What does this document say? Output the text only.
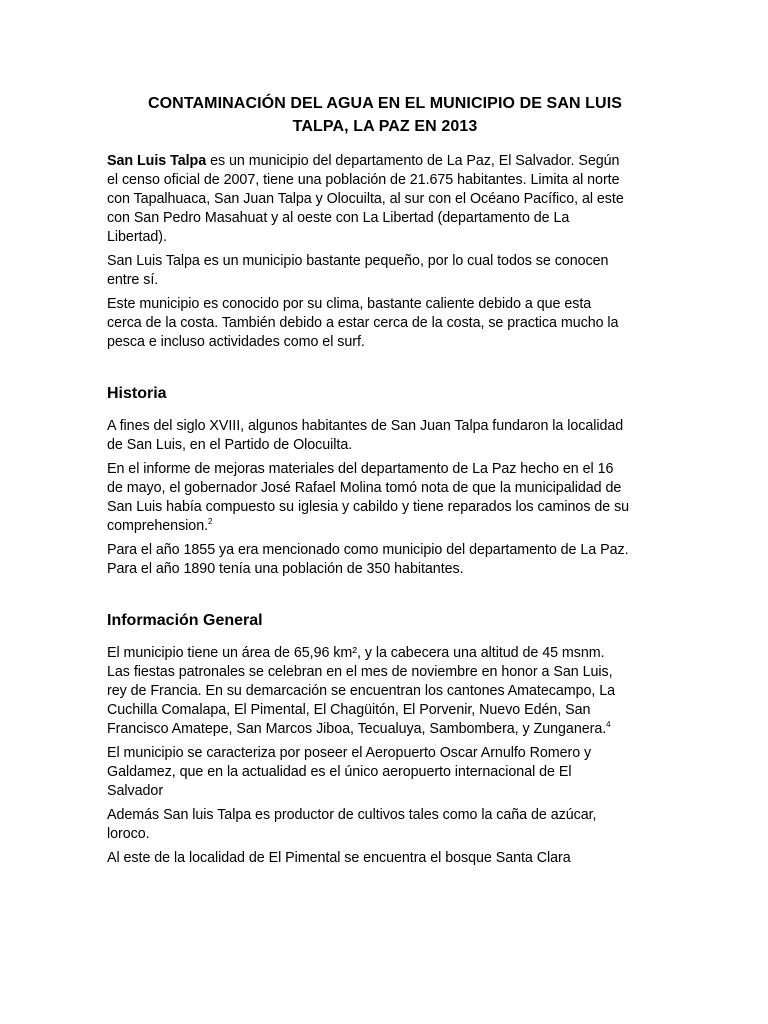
CONTAMINACIÓN DEL AGUA EN EL MUNICIPIO DE SAN LUIS
TALPA, LA PAZ EN 2013

San Luis Talpa es un municipio del departamento de La Paz, El Salvador. Según
el censo oficial de 2007, tiene una población de 21.675 habitantes. Limita al norte
con Tapalhuaca, San Juan Talpa y Olocuilta, al sur con el Océano Pacífico, al este
con San Pedro Masahuat y al oeste con La Libertad (departamento de La
Libertad).

San Luis Talpa es un municipio bastante pequeño, por lo cual todos se conocen
entre sí.

Este municipio es conocido por su clima, bastante caliente debido a que esta
cerca de la costa. También debido a estar cerca de la costa, se practica mucho la
pesca e incluso actividades como el surf.

Historia

A fines del siglo XVIII, algunos habitantes de San Juan Talpa fundaron la localidad
de San Luis, en el Partido de Olocuilta.

En el informe de mejoras materiales del departamento de La Paz hecho en el 16
de mayo, el gobernador José Rafael Molina tomó nota de que la municipalidad de
San Luis había compuesto su iglesia y cabildo y tiene reparados los caminos de su
comprehension.$^2$

Para el año 1855 ya era mencionado como municipio del departamento de La Paz.
Para el año 1890 tenía una población de 350 habitantes.

Información General

El municipio tiene un área de 65,96 km², y la cabecera una altitud de 45 msnm.
Las fiestas patronales se celebran en el mes de noviembre en honor a San Luis,
rey de Francia. En su demarcación se encuentran los cantones Amatecampo, La
Cuchilla Comalapa, El Pimental, El Chagüitón, El Porvenir, Nuevo Edén, San
Francisco Amatepe, San Marcos Jiboa, Tecualuya, Sambombera, y Zunganera.$^4$

El municipio se caracteriza por poseer el Aeropuerto Oscar Arnulfo Romero y
Galdamez, que en la actualidad es el único aeropuerto internacional de El
Salvador

Además San luis Talpa es productor de cultivos tales como la caña de azúcar,
loroco.

Al este de la localidad de El Pimental se encuentra el bosque Santa Clara
